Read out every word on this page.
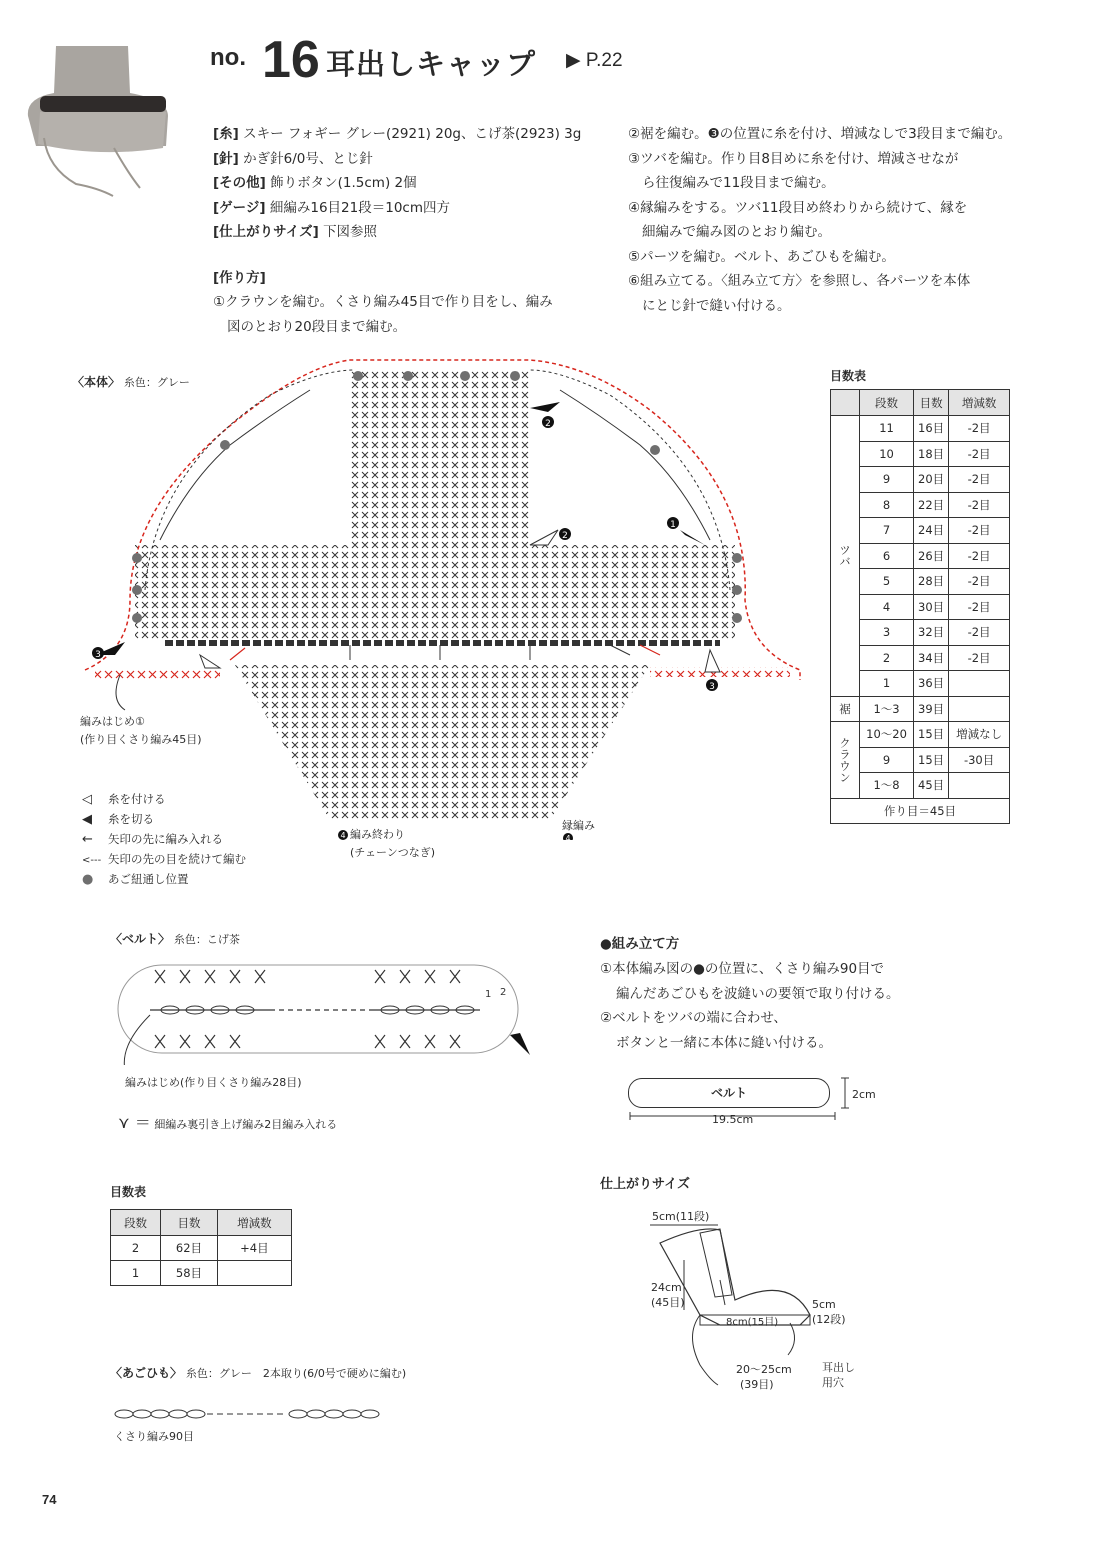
no. 16 耳出しキャップ ▶ P.22
[糸] スキー フォギー グレー(2921) 20g、こげ茶(2923) 3g
[針] かぎ針6/0号、とじ針
[その他] 飾りボタン(1.5cm) 2個
[ゲージ] 細編み16目21段＝10cm四方
[仕上がりサイズ] 下図参照
[作り方]
①クラウンを編む。くさり編み45目で作り目をし、編み
図のとおり20段目まで編む。
②裾を編む。❸の位置に糸を付け、増減なしで3段目まで編む。
③ツバを編む。作り目8目めに糸を付け、増減させなが
ら往復編みで11段目まで編む。
④縁編みをする。ツバ11段目め終わりから続けて、縁を
細編みで編み図のとおり編む。
⑤パーツを編む。ベルト、あごひもを編む。
⑥組み立てる。〈組み立て方〉を参照し、各パーツを本体
にとじ針で縫い付ける。
〈本体〉 糸色：グレー
2
2
1
3
3
4	4
編みはじめ①
(作り目くさり編み45目)
編み終わり
(チェーンつなぎ)
縁編み
◁ 糸を付ける
◀ 糸を切る
← 矢印の先に編み入れる
<--- 矢印の先の目を続けて編む
● あご紐通し位置
目数表
	段数	目数	増減数
ツバ	11	16目	-2目
	10	18目	-2目
	9	20目	-2目
	8	22目	-2目
	7	24目	-2目
	6	26目	-2目
	5	28目	-2目
	4	30目	-2目
	3	32目	-2目
	2	34目	-2目
	1	36目	
裾	1〜3	39目	
クラウン	10〜20	15目	増減なし
	9	15目	-30目
	1〜8	45目	
作り目＝45目			
〈ベルト〉 糸色：こげ茶
1 2
編みはじめ(作り目くさり編み28目)
⋎ ＝ 細編み裏引き上げ編み2目編み入れる
目数表
段数	目数	増減数
2	62目	+4目
1	58目	
〈あごひも〉 糸色：グレー　2本取り(6/0号で硬めに編む)
くさり編み90目
●組み立て方
①本体編み図の●の位置に、くさり編み90目で
編んだあごひもを波縫いの要領で取り付ける。
②ベルトをツバの端に合わせ、
ボタンと一緒に本体に縫い付ける。
ベルト
19.5cm
2cm
仕上がりサイズ
5cm(11段)
24cm
(45目)
8cm(15目)
5cm
(12段)
20〜25cm
(39目)
耳出し
用穴
74
